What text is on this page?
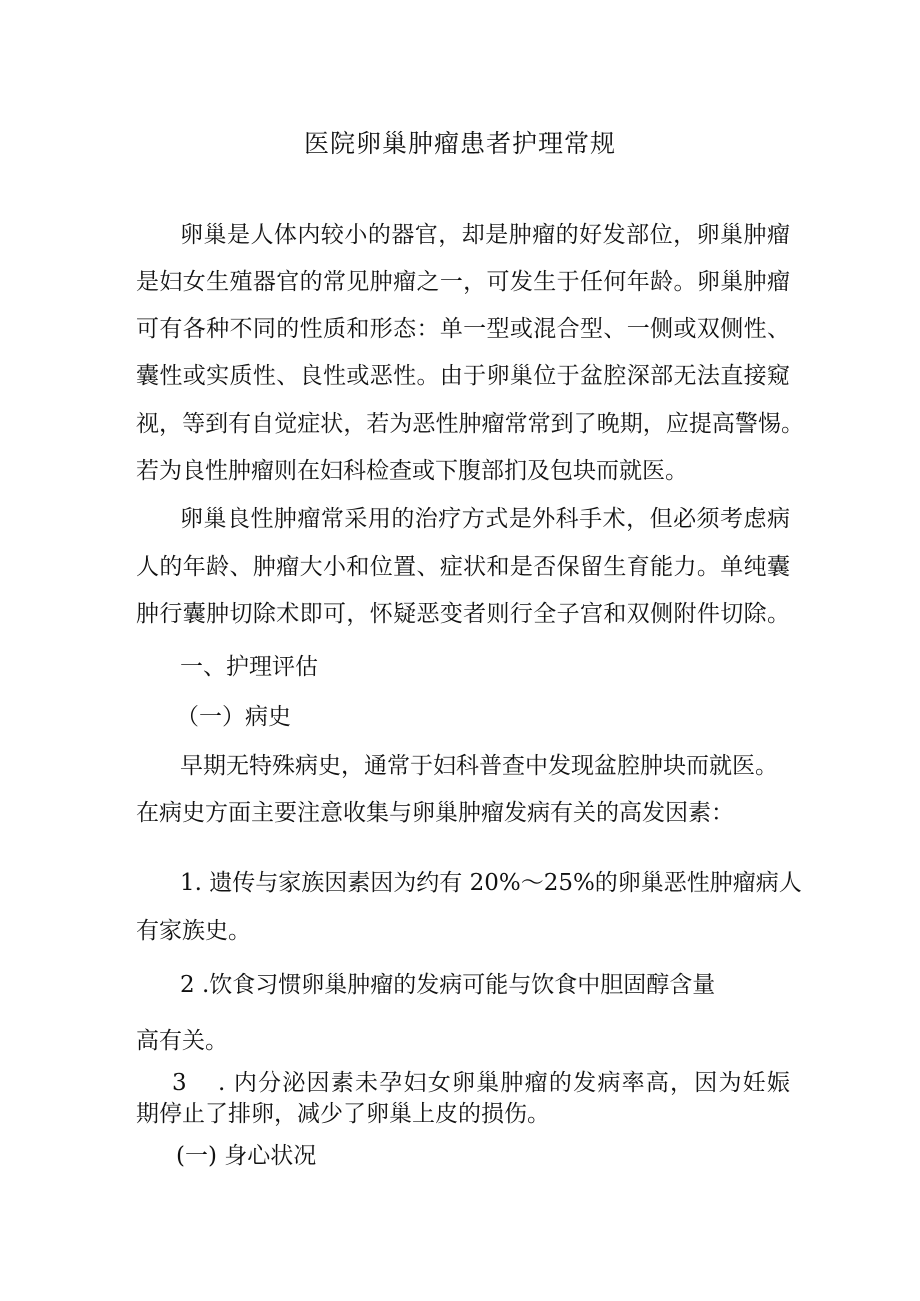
医院卵巢肿瘤患者护理常规
卵巢是人体内较小的器官，却是肿瘤的好发部位，卵巢肿瘤
是妇女生殖器官的常见肿瘤之一，可发生于任何年龄。卵巢肿瘤
可有各种不同的性质和形态：单一型或混合型、一侧或双侧性、
囊性或实质性、良性或恶性。由于卵巢位于盆腔深部无法直接窥
视，等到有自觉症状，若为恶性肿瘤常常到了晚期，应提高警惕。
若为良性肿瘤则在妇科检查或下腹部扪及包块而就医。
卵巢良性肿瘤常采用的治疗方式是外科手术，但必须考虑病
人的年龄、肿瘤大小和位置、症状和是否保留生育能力。单纯囊
肿行囊肿切除术即可，怀疑恶变者则行全子宫和双侧附件切除。
一、护理评估
（一）病史
早期无特殊病史，通常于妇科普查中发现盆腔肿块而就医。
在病史方面主要注意收集与卵巢肿瘤发病有关的高发因素：
1. 遗传与家族因素因为约有 20%～25%的卵巢恶性肿瘤病人
有家族史。
2 .饮食习惯卵巢肿瘤的发病可能与饮食中胆固醇含量
高有关。
3	. 内分泌因素未孕妇女卵巢肿瘤的发病率高，因为妊娠
期停止了排卵，减少了卵巢上皮的损伤。
(一) 身心状况
